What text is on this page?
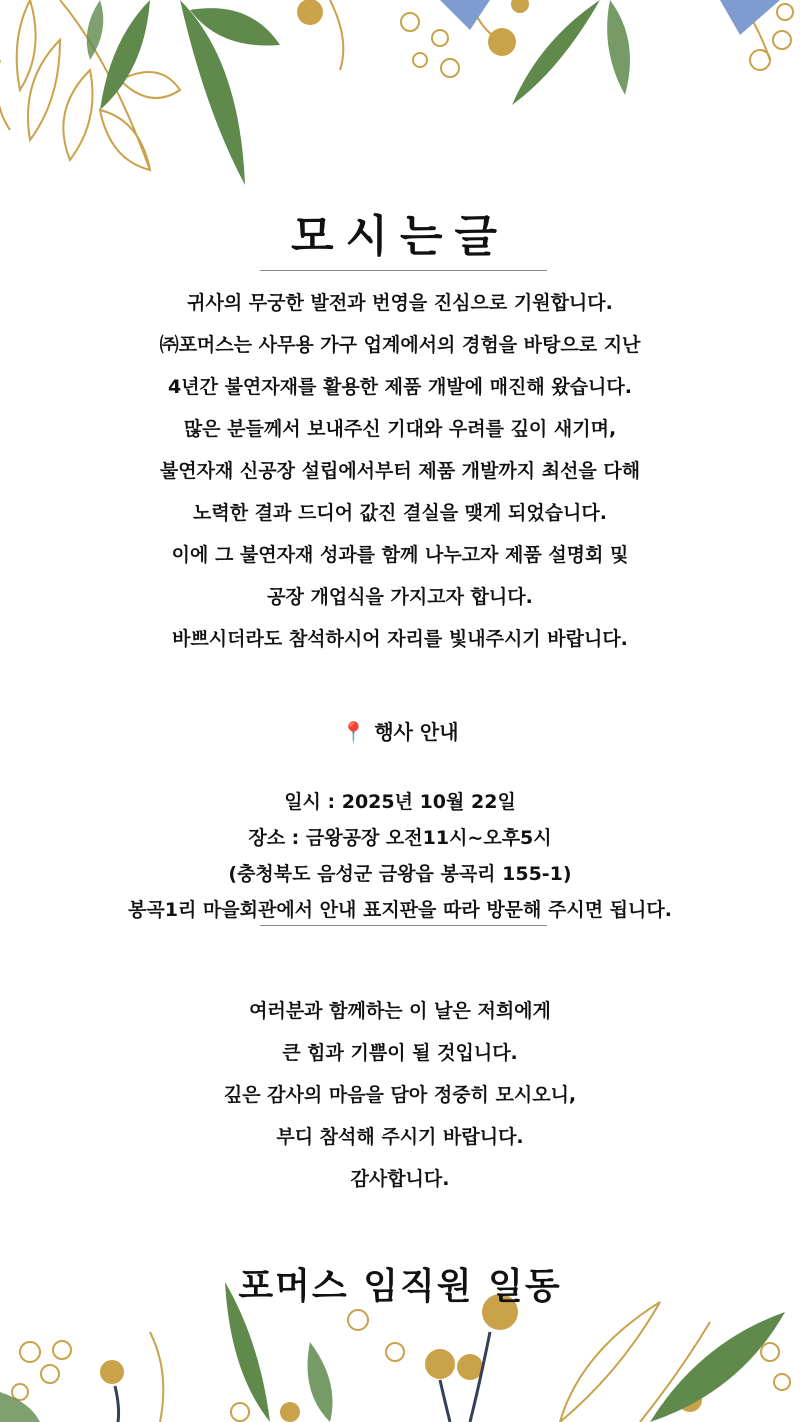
모시는글
귀사의 무궁한 발전과 번영을 진심으로 기원합니다.
㈜포머스는 사무용 가구 업계에서의 경험을 바탕으로 지난
4년간 불연자재를 활용한 제품 개발에 매진해 왔습니다.
많은 분들께서 보내주신 기대와 우려를 깊이 새기며,
불연자재 신공장 설립에서부터 제품 개발까지 최선을 다해
노력한 결과 드디어 값진 결실을 맺게 되었습니다.
이에 그 불연자재 성과를 함께 나누고자 제품 설명회 및
공장 개업식을 가지고자 합니다.
바쁘시더라도 참석하시어 자리를 빛내주시기 바랍니다.
📍 행사 안내
일시 : 2025년 10월 22일
장소 : 금왕공장 오전11시~오후5시
(충청북도 음성군 금왕읍 봉곡리 155-1)
봉곡1리 마을회관에서 안내 표지판을 따라 방문해 주시면 됩니다.
여러분과 함께하는 이 날은 저희에게
큰 힘과 기쁨이 될 것입니다.
깊은 감사의 마음을 담아 정중히 모시오니,
부디 참석해 주시기 바랍니다.
감사합니다.
포머스 임직원 일동
